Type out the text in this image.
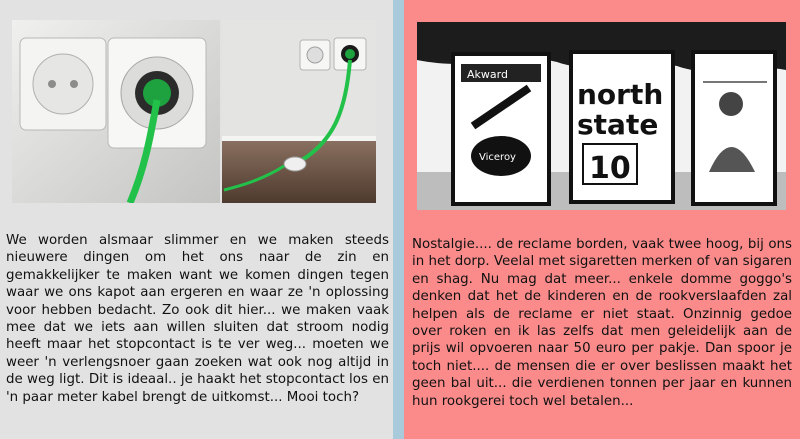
We worden alsmaar slimmer en we maken steeds nieuwere dingen om het ons naar de zin en gemakkelijker te maken want we komen dingen tegen waar we ons kapot aan ergeren en waar ze 'n oplossing voor hebben bedacht. Zo ook dit hier... we maken vaak mee dat we iets aan willen sluiten dat stroom nodig heeft maar het stopcontact is te ver weg... moeten we weer 'n verlengsnoer gaan zoeken wat ook nog altijd in de weg ligt. Dit is ideaal.. je haakt het stopcontact los en 'n paar meter kabel brengt de uitkomst... Mooi toch?

Akward
Viceroy
north
state
10

Nostalgie.... de reclame borden, vaak twee hoog, bij ons in het dorp. Veelal met sigaretten merken of van sigaren en shag. Nu mag dat meer... enkele domme goggo's denken dat het de kinderen en de rookverslaafden zal helpen als de reclame er niet staat. Onzinnig gedoe over roken en ik las zelfs dat men geleidelijk aan de prijs wil opvoeren naar 50 euro per pakje. Dan spoor je toch niet.... de mensen die er over beslissen maakt het geen bal uit... die verdienen tonnen per jaar en kunnen hun rookgerei toch wel betalen...
